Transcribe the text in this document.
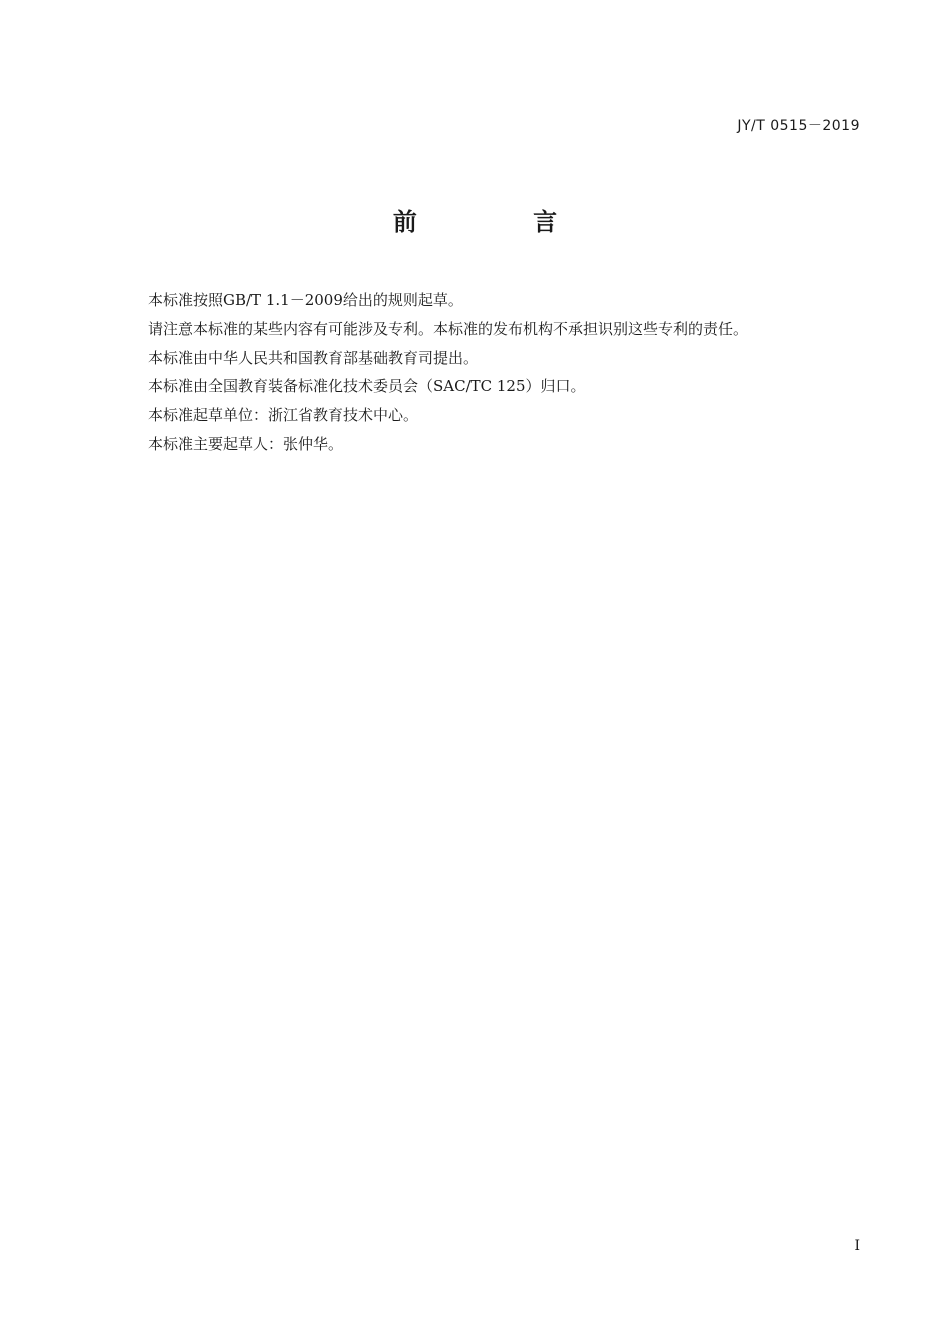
JY/T 0515－2019
前 言

本标准按照GB/T 1.1－2009给出的规则起草。

请注意本标准的某些内容有可能涉及专利。本标准的发布机构不承担识别这些专利的责任。

本标准由中华人民共和国教育部基础教育司提出。

本标准由全国教育装备标准化技术委员会（SAC/TC 125）归口。

本标准起草单位：浙江省教育技术中心。

本标准主要起草人：张仲华。

I
